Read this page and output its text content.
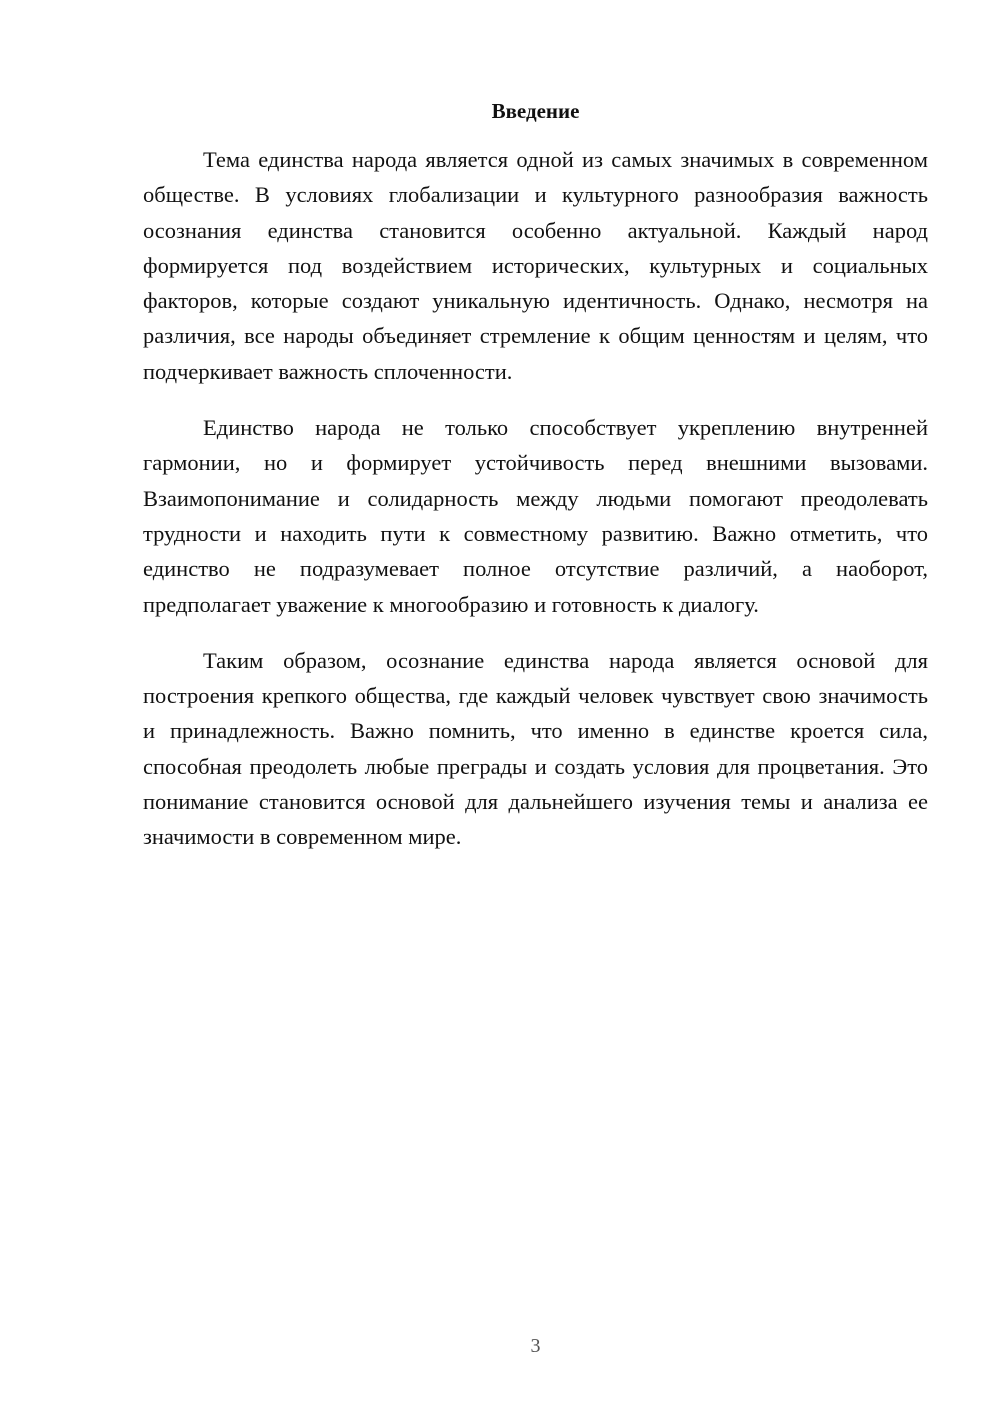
Введение

Тема единства народа является одной из самых значимых в современном обществе. В условиях глобализации и культурного разнообразия важность осознания единства становится особенно актуальной. Каждый народ формируется под воздействием исторических, культурных и социальных факторов, которые создают уникальную идентичность. Однако, несмотря на различия, все народы объединяет стремление к общим ценностям и целям, что подчеркивает важность сплоченности.

Единство народа не только способствует укреплению внутренней гармонии, но и формирует устойчивость перед внешними вызовами. Взаимопонимание и солидарность между людьми помогают преодолевать трудности и находить пути к совместному развитию. Важно отметить, что единство не подразумевает полное отсутствие различий, а наоборот, предполагает уважение к многообразию и готовность к диалогу.

Таким образом, осознание единства народа является основой для построения крепкого общества, где каждый человек чувствует свою значимость и принадлежность. Важно помнить, что именно в единстве кроется сила, способная преодолеть любые преграды и создать условия для процветания. Это понимание становится основой для дальнейшего изучения темы и анализа ее значимости в современном мире.

3
